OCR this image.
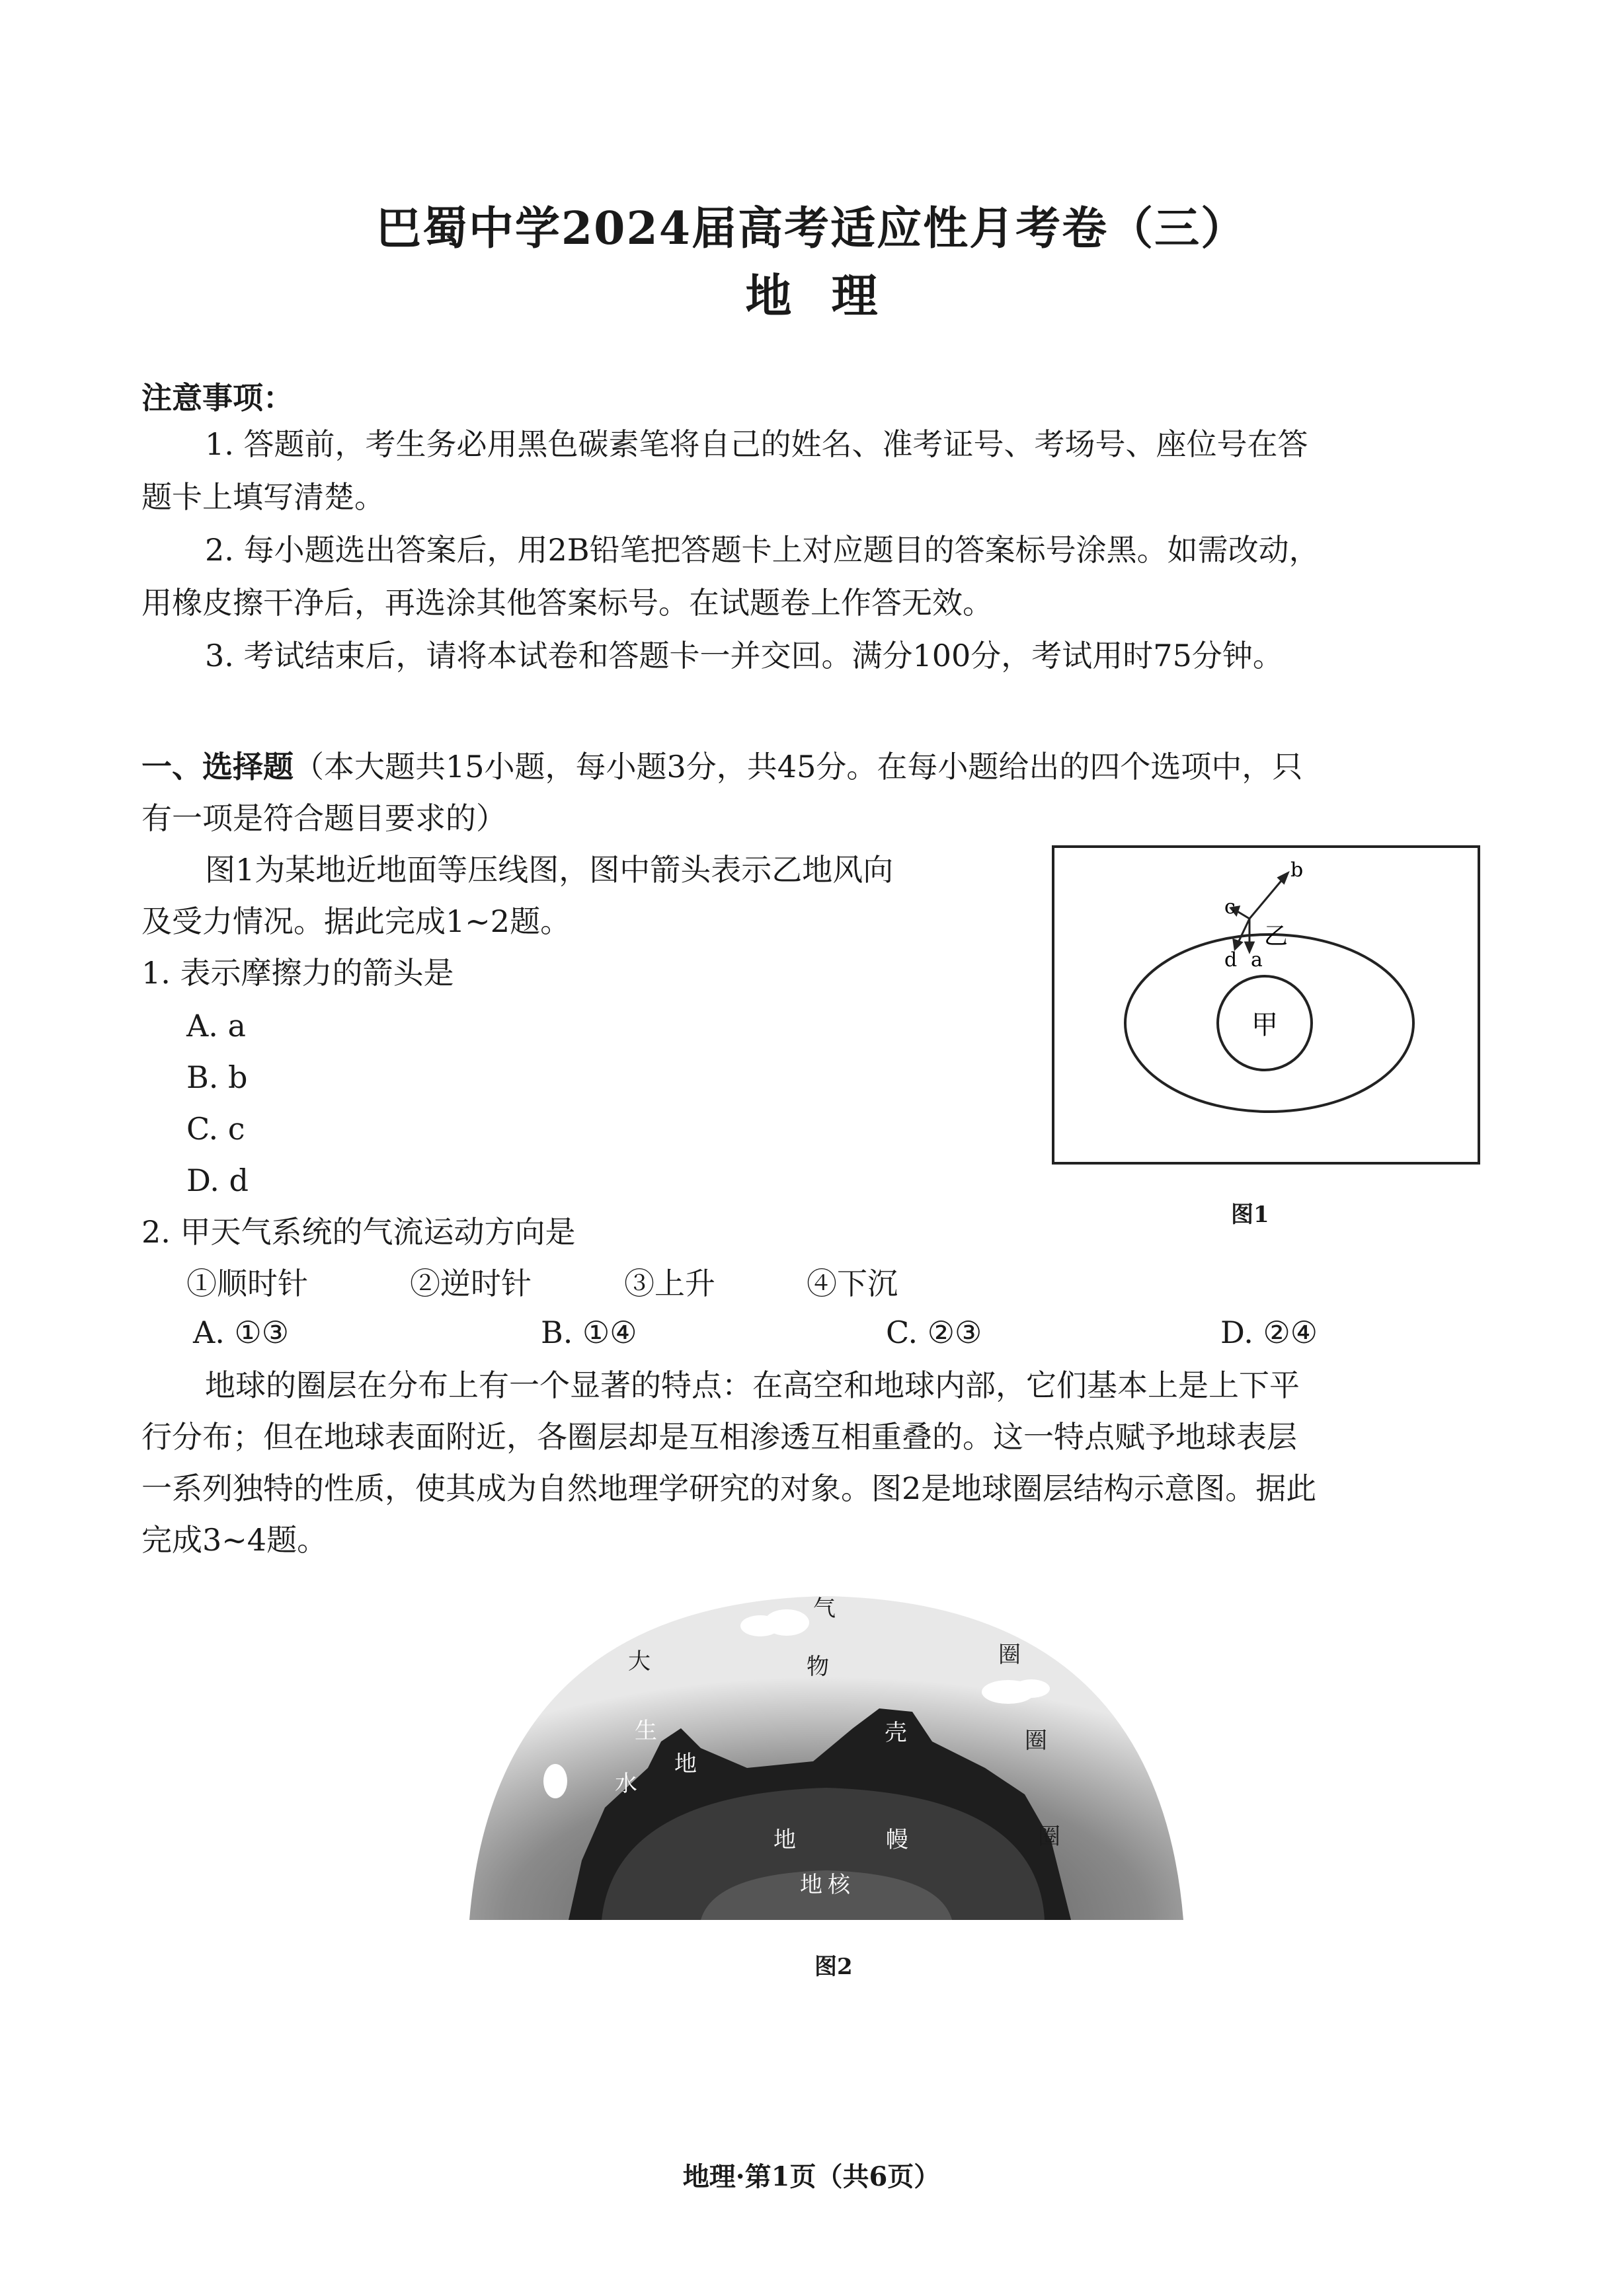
巴蜀中学2024届高考适应性月考卷（三）
地理
注意事项：
1. 答题前，考生务必用黑色碳素笔将自己的姓名、准考证号、考场号、座位号在答
题卡上填写清楚。
2. 每小题选出答案后，用2B铅笔把答题卡上对应题目的答案标号涂黑。如需改动，
用橡皮擦干净后，再选涂其他答案标号。在试题卷上作答无效。
3. 考试结束后，请将本试卷和答题卡一并交回。满分100分，考试用时75分钟。
一、选择题（本大题共15小题，每小题3分，共45分。在每小题给出的四个选项中，只
有一项是符合题目要求的）
图1为某地近地面等压线图，图中箭头表示乙地风向
及受力情况。据此完成1~2题。
1. 表示摩擦力的箭头是
A. a
B. b
C. c
D. d
甲
b
c
d a
乙
图1
2. 甲天气系统的气流运动方向是
①顺时针	②逆时针	③上升	④下沉
A. ①③	B. ①④	C. ②③	D. ②④
地球的圈层在分布上有一个显著的特点：在高空和地球内部，它们基本上是上下平
行分布；但在地球表面附近，各圈层却是互相渗透互相重叠的。这一特点赋予地球表层
一系列独特的性质，使其成为自然地理学研究的对象。图2是地球圈层结构示意图。据此
完成3~4题。
气
物	圈
圈
圈
大
生
水
地
壳
地	幔
地核
图2
地理·第1页（共6页）
